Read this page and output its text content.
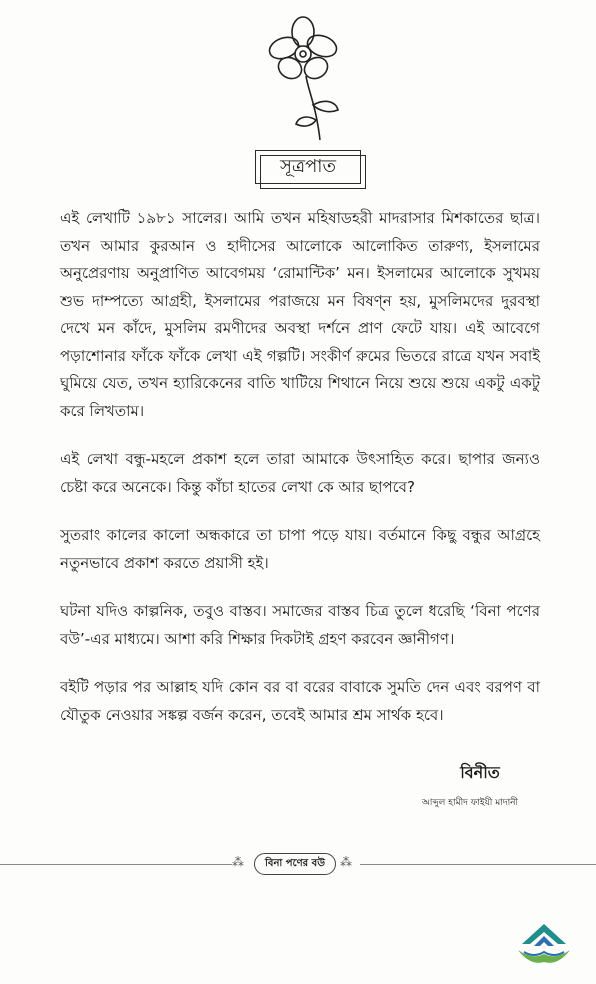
সূত্রপাত

এই লেখাটি ১৯৮১ সালের। আমি তখন মহিষাডহরী মাদরাসার মিশকাতের ছাত্র। তখন আমার কুরআন ও হাদীসের আলোকে আলোকিত তারুণ্য, ইসলামের অনুপ্রেরণায় অনুপ্রাণিত আবেগময় ‘রোমান্টিক’ মন। ইসলামের আলোকে সুখময় শুভ দাম্পত্যে আগ্রহী, ইসলামের পরাজয়ে মন বিষণ্ন হয়, মুসলিমদের দুরবস্থা দেখে মন কাঁদে, মুসলিম রমণীদের অবস্থা দর্শনে প্রাণ ফেটে যায়। এই আবেগে পড়াশোনার ফাঁকে ফাঁকে লেখা এই গল্পটি। সংকীর্ণ রুমের ভিতরে রাত্রে যখন সবাই ঘুমিয়ে যেত, তখন হ্যারিকেনের বাতি খাটিয়ে শিথানে নিয়ে শুয়ে শুয়ে একটু একটু করে লিখতাম।

এই লেখা বন্ধু-মহলে প্রকাশ হলে তারা আমাকে উৎসাহিত করে। ছাপার জন্যও চেষ্টা করে অনেকে। কিন্তু কাঁচা হাতের লেখা কে আর ছাপবে?

সুতরাং কালের কালো অন্ধকারে তা চাপা পড়ে যায়। বর্তমানে কিছু বন্ধুর আগ্রহে নতুনভাবে প্রকাশ করতে প্রয়াসী হই।

ঘটনা যদিও কাল্পনিক, তবুও বাস্তব। সমাজের বাস্তব চিত্র তুলে ধরেছি ‘বিনা পণের বউ’-এর মাধ্যমে। আশা করি শিক্ষার দিকটাই গ্রহণ করবেন জ্ঞানীগণ।

বইটি পড়ার পর আল্লাহ যদি কোন বর বা বরের বাবাকে সুমতি দেন এবং বরপণ বা যৌতুক নেওয়ার সঙ্কল্প বর্জন করেন, তবেই আমার শ্রম সার্থক হবে।

বিনীত
আব্দুল হামীদ ফাইযী মাদানী
⁂	বিনা পণের বউ	⁂
